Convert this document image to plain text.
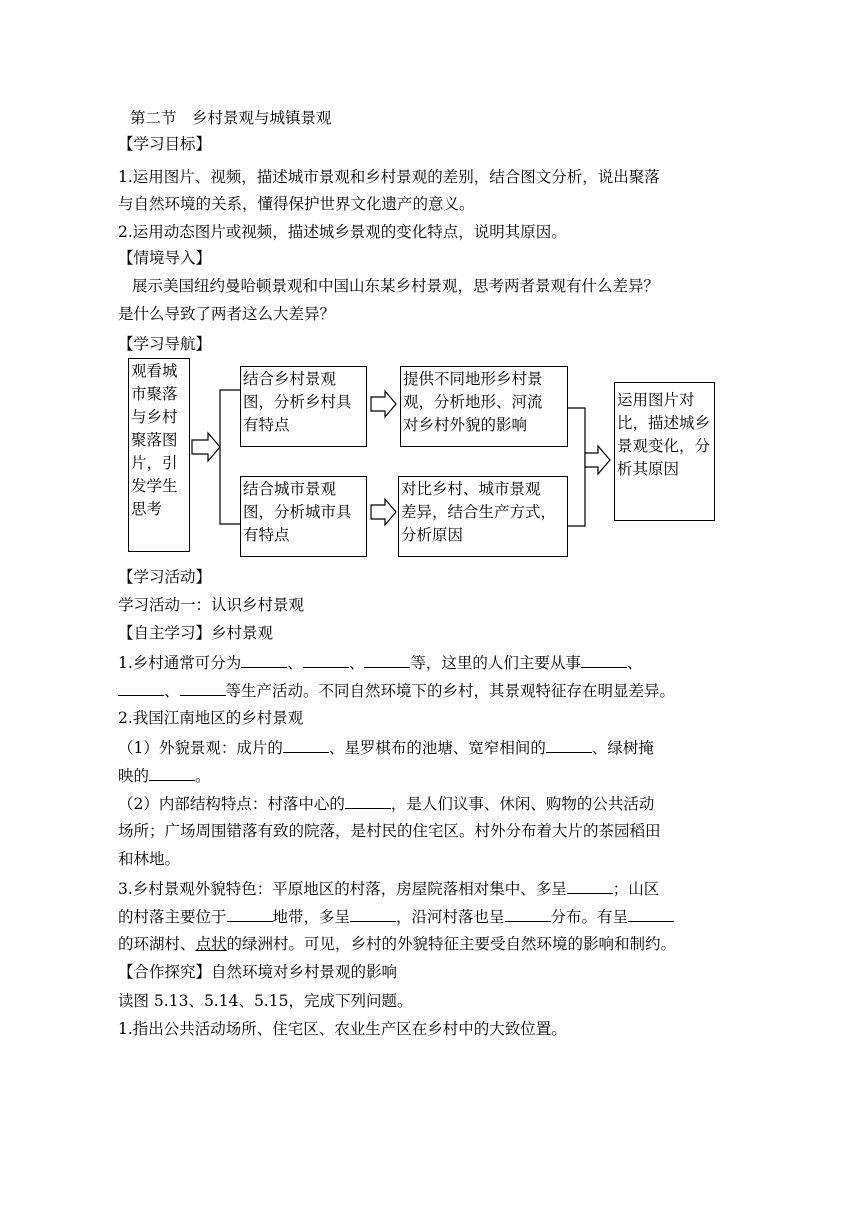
第二节　乡村景观与城镇景观
【学习目标】
1.运用图片、视频，描述城市景观和乡村景观的差别，结合图文分析，说出聚落
与自然环境的关系，懂得保护世界文化遗产的意义。
2.运用动态图片或视频，描述城乡景观的变化特点，说明其原因。
【情境导入】
展示美国纽约曼哈顿景观和中国山东某乡村景观，思考两者景观有什么差异？
是什么导致了两者这么大差异？
【学习导航】
观看城
市聚落
与乡村
聚落图
片，引
发学生
思考
结合乡村景观
图，分析乡村具
有特点
结合城市景观
图，分析城市具
有特点
提供不同地形乡村景
观，分析地形、河流
对乡村外貌的影响
对比乡村、城市景观
差异，结合生产方式，
分析原因
运用图片对
比，描述城乡
景观变化，分
析其原因
【学习活动】
学习活动一：认识乡村景观
【自主学习】乡村景观
1.乡村通常可分为	、	、	等，这里的人们主要从事	、
、	等生产活动。不同自然环境下的乡村，其景观特征存在明显差异。
2.我国江南地区的乡村景观
（1）外貌景观：成片的	、星罗棋布的池塘、宽窄相间的	、绿树掩
映的	。
（2）内部结构特点：村落中心的	，是人们议事、休闲、购物的公共活动
场所；广场周围错落有致的院落，是村民的住宅区。村外分布着大片的茶园稻田
和林地。
3.乡村景观外貌特色：平原地区的村落，房屋院落相对集中、多呈	；山区
的村落主要位于	地带，多呈	，沿河村落也呈	分布。有呈
的环湖村、点状的绿洲村。可见，乡村的外貌特征主要受自然环境的影响和制约。
【合作探究】自然环境对乡村景观的影响
读图 5.13、5.14、5.15，完成下列问题。
1.指出公共活动场所、住宅区、农业生产区在乡村中的大致位置。
